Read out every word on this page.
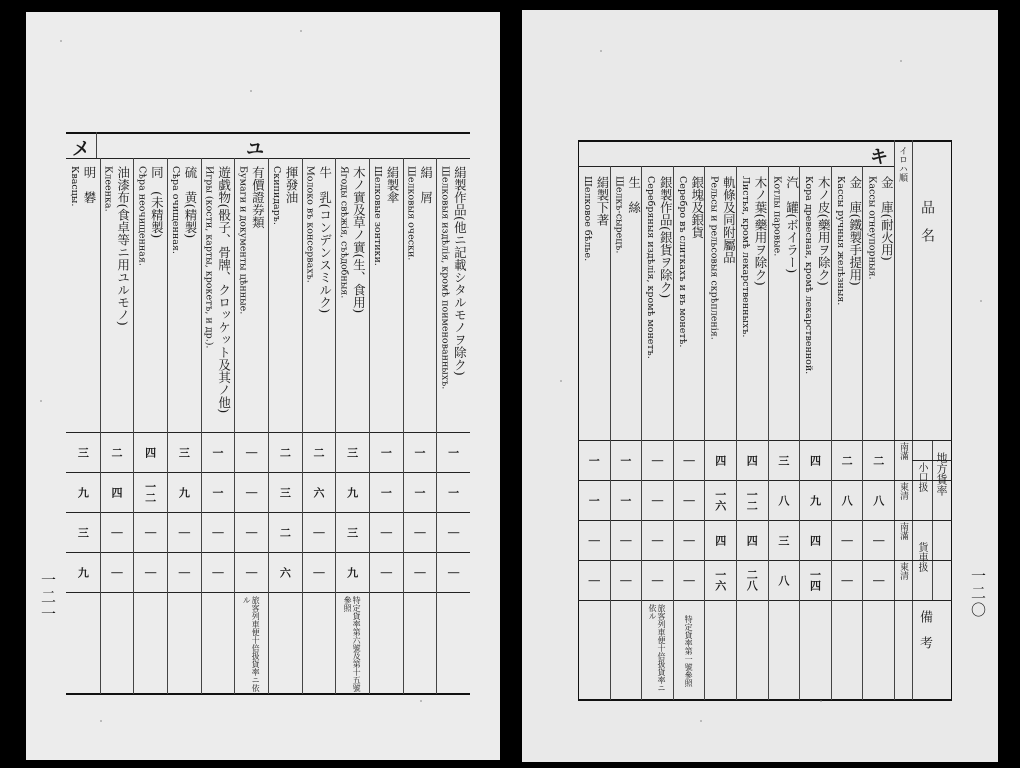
ユ
メ
絹製作品(他ニ記載シタルモノヲ除ク)
Шелковыя издѣлія, кромѣ поименованныхъ.
一
一
｜
｜
絹　屑
Шелковыя очески.
一
一
｜
｜
絹製傘
Шелковые зонтики.
一
一
｜
｜
木ノ實及草ノ實(生、食用)
Ягоды свѣжія, съѣдобныя.
三
九
三
九
特定貨率第六號及第十五號參照
牛　乳(コンデンスミルク)
Молоко въ консервахъ.
二
六
｜
｜
揮發油
Скипидаръ.
二
三
二
六
有價證券類
Бумаги и документы цѣнные.
｜
｜
｜
｜
旅客列車便十倍扱貨率ニ依ル
遊戯物(骰子、骨牌、クロッケット及其ノ他)
Игры (кости, карты, крокетъ, и др.).
一
一
｜
｜
硫　黄(精製)
Сѣра очищенная.
三
九
｜
｜
同　(未精製)
Сѣра неочищенная.
四
一二
｜
｜
油漆布(食卓等ニ用ユルモノ)
Клеенка.
二
四
｜
｜
明　礬
Квасцы.
三
九
三
九
一二一
イロハ順
品　名
地方貨率
小口扱
貨車扱
南滿
東清
南滿
東清
備　考
キ
金　庫(耐火用)
Кассы огнеупорныя.
二
八
｜
｜
金　庫(鐵製手提用)
Кассы ручныя желѣзныя.
二
八
｜
｜
木ノ皮(藥用ヲ除ク)
Кора древесная, кромѣ лекарственной.
四
九
四
一四
汽　罐(ボイラー)
Котлы паровые.
三
八
三
八
木ノ葉(藥用ヲ除ク)
Листья, кромѣ лекарственныхъ.
四
一二
四
二八
軌條及同附屬品
Рельсы и рельсовыя скрѣпленія.
四
一六
四
一六
銀塊及銀貨
Серебро въ слиткахъ и въ монетѣ.
｜
｜
｜
｜
特定貨率第一號參照
銀製作品(銀貨ヲ除ク)
Серебряныя издѣлія, кромѣ монетъ.
｜
｜
｜
｜
旅客列車便十倍扱貨率ニ依ル
生　絲
Шелкъ-сырецъ.
一
一
｜
｜
絹製下著
Шелковое бѣлье.
一
一
｜
｜	一二〇
